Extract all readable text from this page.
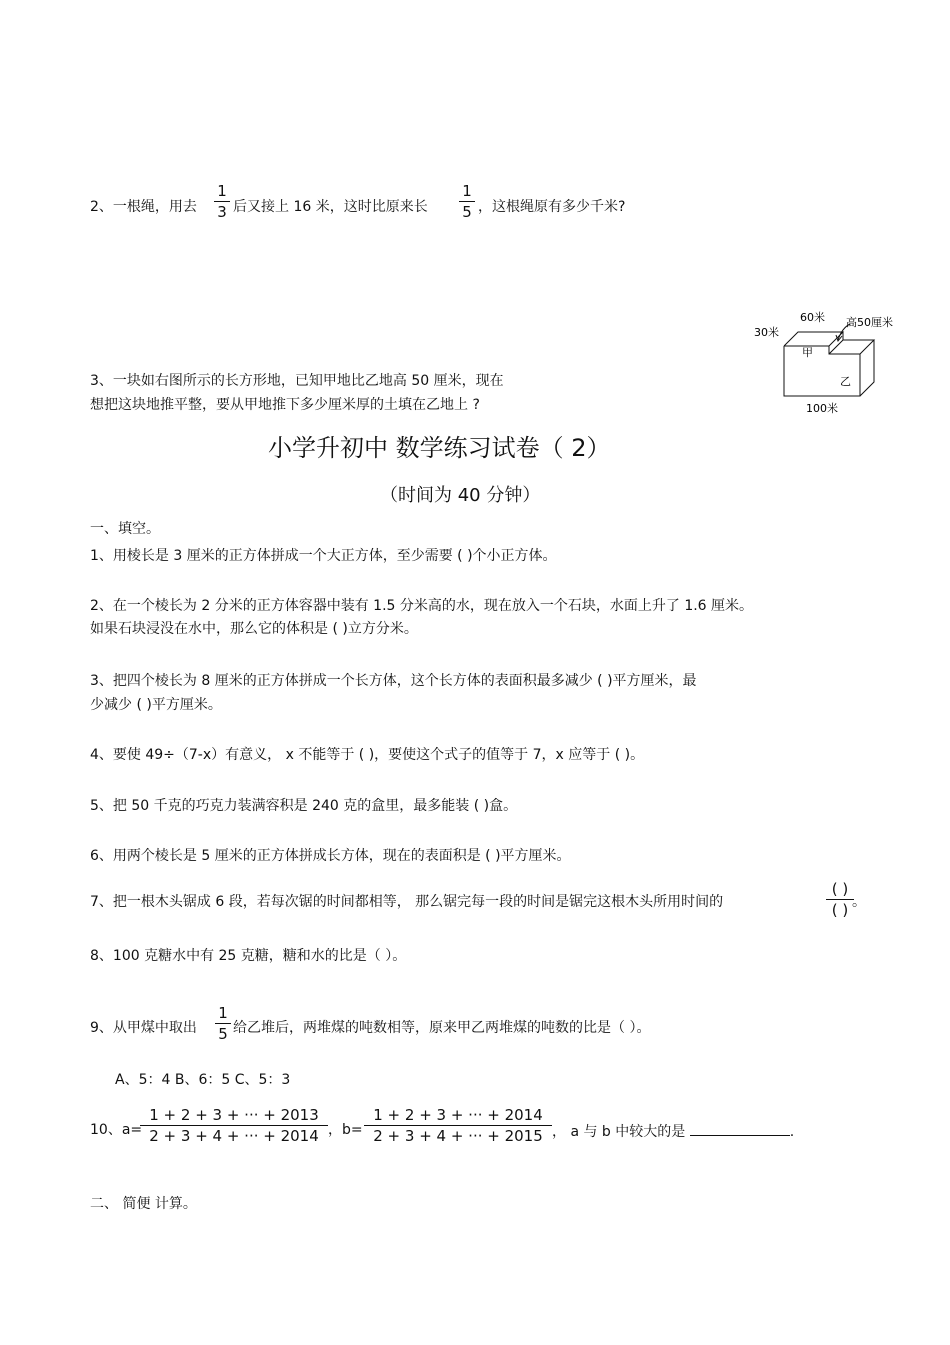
2、一根绳，用去
1
3 后又接上 16 米，这时比原来长
1
5 ，这根绳原有多少千米?
3、一块如右图所示的长方形地，已知甲地比乙地高 50 厘米，现在
想把这块地推平整，要从甲地推下多少厘米厚的土填在乙地上 ?
60米
30米
高50厘米
甲
乙
100米
小学升初中 数学练习试卷（ 2）
（时间为 40 分钟）
一、填空。
1、用棱长是 3 厘米的正方体拼成一个大正方体，至少需要 ( )个小正方体。
2、在一个棱长为 2 分米的正方体容器中装有 1.5 分米高的水，现在放入一个石块，水面上升了 1.6 厘米。
如果石块浸没在水中，那么它的体积是 ( )立方分米。
3、把四个棱长为 8 厘米的正方体拼成一个长方体，这个长方体的表面积最多减少 ( )平方厘米，最
少减少 ( )平方厘米。
4、要使 49÷（7-x）有意义， x 不能等于 ( )，要使这个式子的值等于 7，x 应等于 ( )。
5、把 50 千克的巧克力装满容积是 240 克的盒里，最多能装 ( )盒。
6、用两个棱长是 5 厘米的正方体拼成长方体，现在的表面积是 ( )平方厘米。
7、把一根木头锯成 6 段，若每次锯的时间都相等， 那么锯完每一段的时间是锯完这根木头所用时间的
( )
( ) 。
8、100 克糖水中有 25 克糖，糖和水的比是（ ）。
9、从甲煤中取出
1
5 给乙堆后，两堆煤的吨数相等，原来甲乙两堆煤的吨数的比是（ ）。
A、5：4 B、6：5 C、5：3
10、a=
1 + 2 + 3 + ··· + 2013
2 + 3 + 4 + ··· + 2014 ，b=
1 + 2 + 3 + ··· + 2014
2 + 3 + 4 + ··· + 2015 ， a 与 b 中较大的是	.
二、 简便 计算。
